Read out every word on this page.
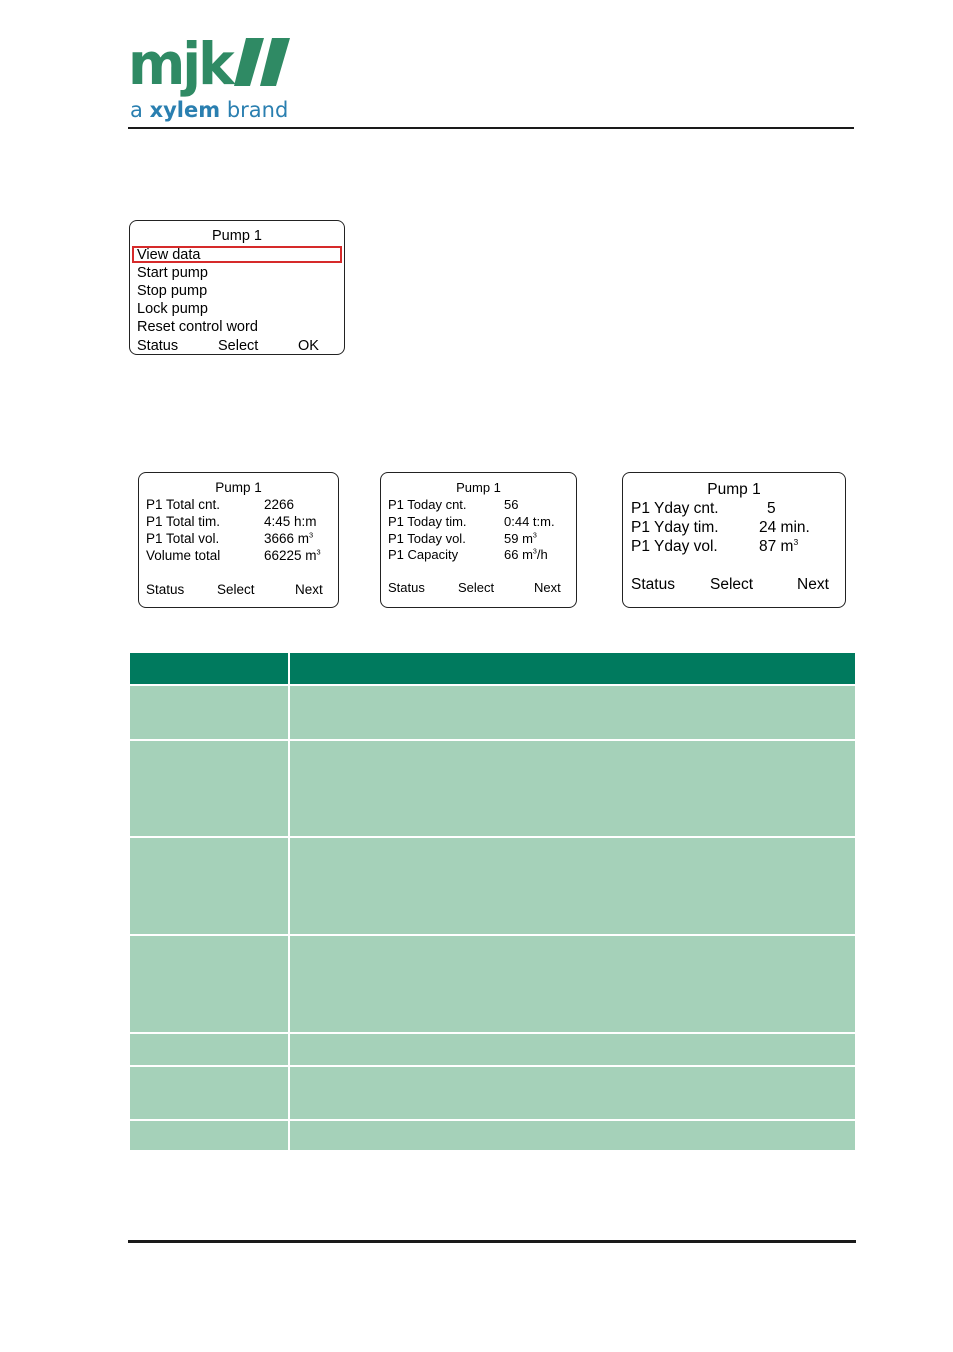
mjk
a xylem brand
Pump 1
View data
Start pump
Stop pump
Lock pump
Reset control word
Status	Select	OK
Pump 1
P1 Total cnt.	2266
P1 Total tim.	4:45 h:m
P1 Total vol.	3666 $m^3$
Volume total	66225 $m^3$
Status Select	Next
Pump 1
P1 Today cnt.	56
P1 Today tim.	0:44 t:m.
P1 Today vol.	59 $m^3$
P1 Capacity	66 $m^3/h$
Status	Select	Next
Pump 1
P1 Yday cnt.	5
P1 Yday tim.	24 min.
P1 Yday vol.	87 $m^3$
Status Select	Next
